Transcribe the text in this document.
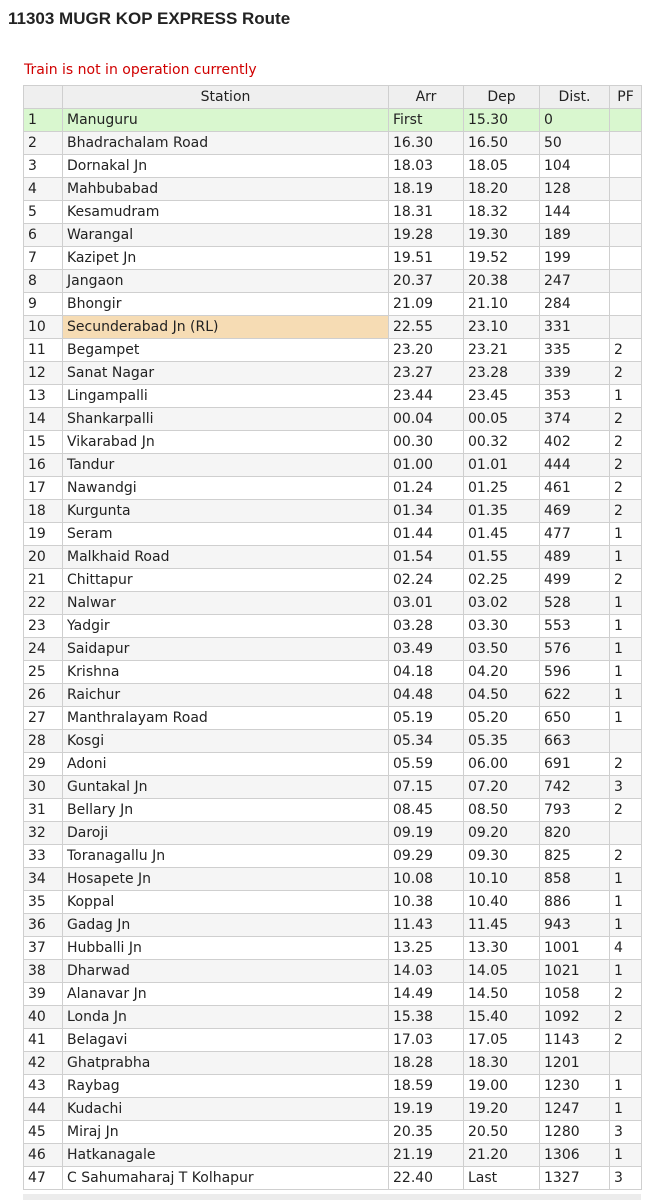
11303 MUGR KOP EXPRESS Route
Train is not in operation currently
	Station	Arr	Dep	Dist.	PF
1	Manuguru	First	15.30	0	
2	Bhadrachalam Road	16.30	16.50	50	
3	Dornakal Jn	18.03	18.05	104	
4	Mahbubabad	18.19	18.20	128	
5	Kesamudram	18.31	18.32	144	
6	Warangal	19.28	19.30	189	
7	Kazipet Jn	19.51	19.52	199	
8	Jangaon	20.37	20.38	247	
9	Bhongir	21.09	21.10	284	
10	Secunderabad Jn (RL)	22.55	23.10	331	
11	Begampet	23.20	23.21	335	2
12	Sanat Nagar	23.27	23.28	339	2
13	Lingampalli	23.44	23.45	353	1
14	Shankarpalli	00.04	00.05	374	2
15	Vikarabad Jn	00.30	00.32	402	2
16	Tandur	01.00	01.01	444	2
17	Nawandgi	01.24	01.25	461	2
18	Kurgunta	01.34	01.35	469	2
19	Seram	01.44	01.45	477	1
20	Malkhaid Road	01.54	01.55	489	1
21	Chittapur	02.24	02.25	499	2
22	Nalwar	03.01	03.02	528	1
23	Yadgir	03.28	03.30	553	1
24	Saidapur	03.49	03.50	576	1
25	Krishna	04.18	04.20	596	1
26	Raichur	04.48	04.50	622	1
27	Manthralayam Road	05.19	05.20	650	1
28	Kosgi	05.34	05.35	663	
29	Adoni	05.59	06.00	691	2
30	Guntakal Jn	07.15	07.20	742	3
31	Bellary Jn	08.45	08.50	793	2
32	Daroji	09.19	09.20	820	
33	Toranagallu Jn	09.29	09.30	825	2
34	Hosapete Jn	10.08	10.10	858	1
35	Koppal	10.38	10.40	886	1
36	Gadag Jn	11.43	11.45	943	1
37	Hubballi Jn	13.25	13.30	1001	4
38	Dharwad	14.03	14.05	1021	1
39	Alanavar Jn	14.49	14.50	1058	2
40	Londa Jn	15.38	15.40	1092	2
41	Belagavi	17.03	17.05	1143	2
42	Ghatprabha	18.28	18.30	1201	
43	Raybag	18.59	19.00	1230	1
44	Kudachi	19.19	19.20	1247	1
45	Miraj Jn	20.35	20.50	1280	3
46	Hatkanagale	21.19	21.20	1306	1
47	C Sahumaharaj T Kolhapur	22.40	Last	1327	3
